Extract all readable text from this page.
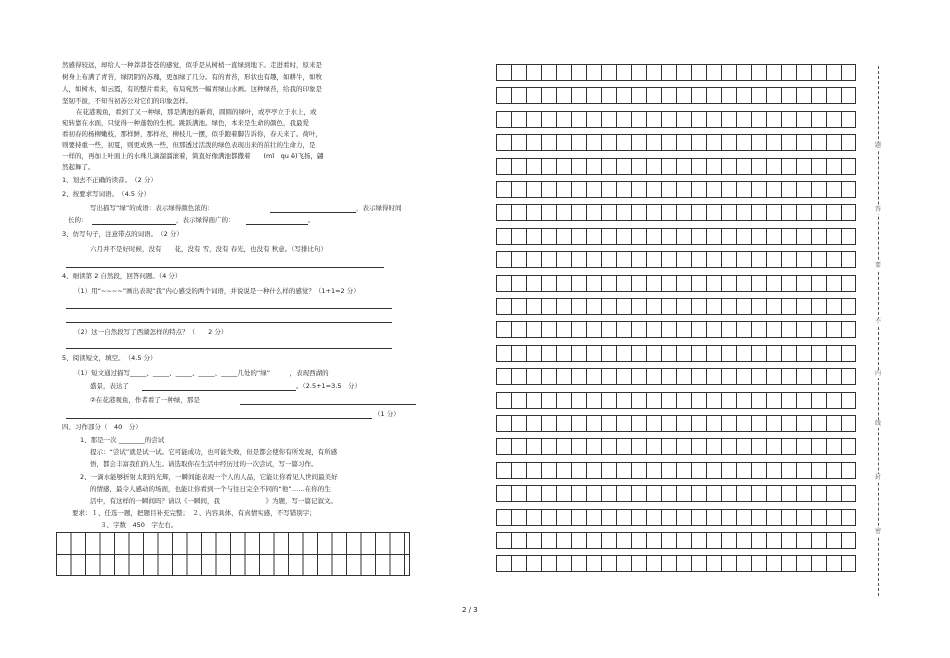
然感得较远，却给人一种莽莽苍苍的感觉，似乎是从树梢一直绿到地下。走进看时，原来是
树身上布满了青苔，绿阴阴的苏瑰，更加绿了几分。有的青苔，形状也有趣，如耕牛，如牧
人，如树木，如云霞，有的整片看来，布局宛然一幅青绿山水画。这种绿苔，给我的印象是
坚韧不拔，不知当初苏公对它们的印象怎样。
在花港观鱼，看到了又一种绿，那是满池的新荷，圆圆的绿叶，或亭亭立于水上，或
宛转靠在水面，只觉得一种蓬勃的生机。跳跃满池。绿色，本来是生命的颜色，我最爱
看初春的杨柳嫩枝，那样鲜，那样亮，柳枝儿一摆，似乎跑着脚告诉你，春天来了。荷叶，
则要持重一些，初夏，则更成熟一些，但那透过活泼的绿色表现出来的茁壮的生命力，是
一样的，再加上叶面上的水珠儿滴溜溜滚着，简直好像满池都撒着　　(mǐ　qu ē)飞扬，翩
然起舞了。
1、划去不正确的读音。　（2 分）
2、按要求写词语。　（4.5 分）
写出描写“绿”的成语：表示绿得颜色浓的：	，表示绿得时间
长的：	，表示绿得面广的：	。
3、仿写句子，注意带点的词语。　（2 分）
六月并不是好时候，没有　　花，没有 雪，没有 春光，也没有 秋意。（写排比句）
4、细读第 2 自然段，回答问题。（4 分）
（1）用“~~~~”画出表现“我”内心感受的两个词语，并说说是一种什么样的感觉？（1+1=2 分）
（2）这一自然段写了西湖怎样的特点？（　　2 分）
5、阅读短文，填空。　（4.5 分）
（1）短文通过描写_____、_____、_____、_____、_____几处的“绿”　　　，表现西湖的
盛景，表达了	。（2.5+1=3.5　分）
②在花港观鱼，作者看了一种绿，那是
（1 分）
四、习作部分（　40　分）
1、那是一次 ________的尝试
提示：“尝试”就是试一试。它可能成功，也可能失败，但是都会使你有所发现，有所感
悟，都会丰富我们的人生。请选取你在生活中经历过的一次尝试，写一篇习作。
2、一滴水能够折射太阳的光辉，一瞬间能表现一个人的人品，它能让你看见人世间最美好
的情感，最令人感动的场面，也能让你看到一个与往日完全不同的“他”……在你的生
活中，有这样的一瞬间吗？请以《一瞬间，我　　　　　　　》为题，写一篇记叙文。
要求：１、任选一题，把题目补充完整；　２、内容具体，有真情实感，不写错别字；
３、字数　450　字左右。
题
答
要
不
内
线
封
密
2 / 3
